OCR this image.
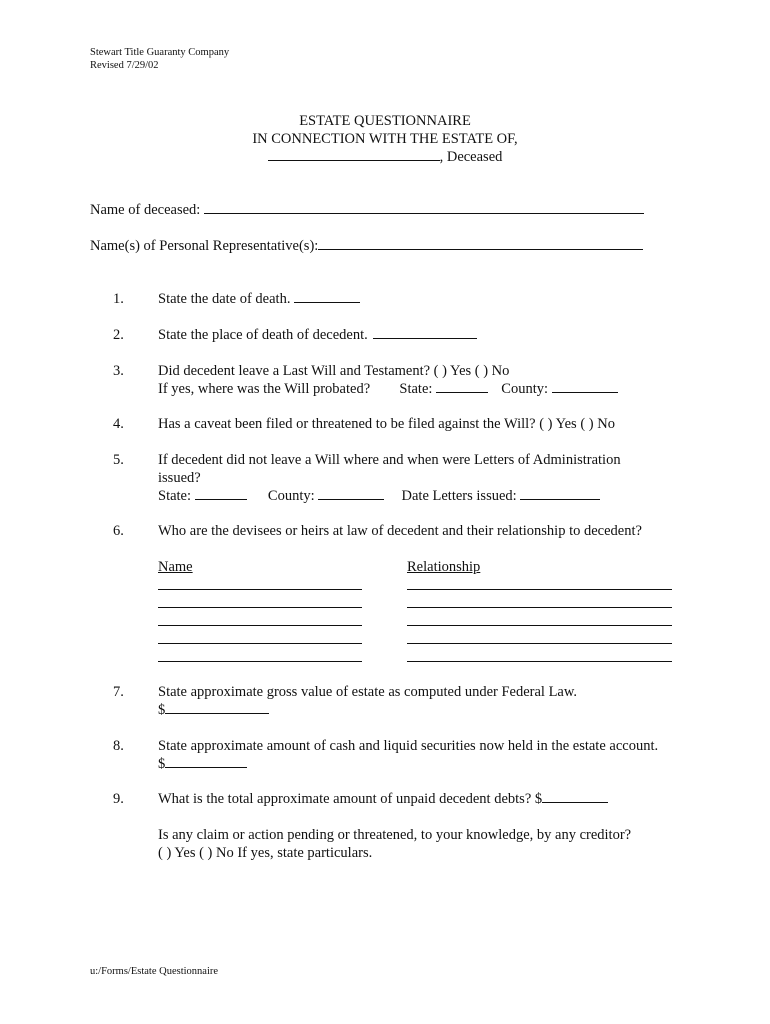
Stewart Title Guaranty Company
Revised 7/29/02
ESTATE QUESTIONNAIRE
IN CONNECTION WITH THE ESTATE OF,
, Deceased
Name of deceased:
Name(s) of Personal Representative(s):
1. State the date of death.
2. State the place of death of decedent.
3. Did decedent leave a Last Will and Testament? ( ) Yes ( ) No
If yes, where was the Will probated? State:	County:
4. Has a caveat been filed or threatened to be filed against the Will? ( ) Yes ( ) No
5. If decedent did not leave a Will where and when were Letters of Administration
issued?
State:	County:	Date Letters issued:
6. Who are the devisees or heirs at law of decedent and their relationship to decedent?
Name	Relationship
7. State approximate gross value of estate as computed under Federal Law.
$
8. State approximate amount of cash and liquid securities now held in the estate account.
$
9. What is the total approximate amount of unpaid decedent debts? $
Is any claim or action pending or threatened, to your knowledge, by any creditor?
( ) Yes ( ) No If yes, state particulars.
u:/Forms/Estate Questionnaire
